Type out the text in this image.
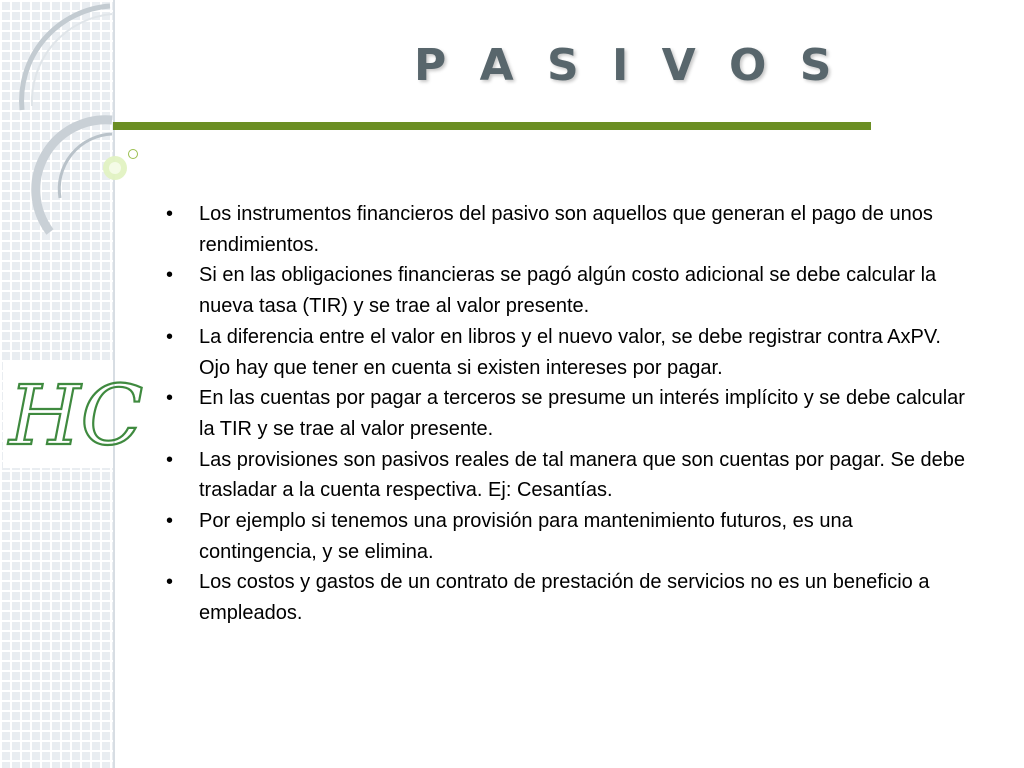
HC
P A S I V O S
• Los instrumentos financieros del pasivo son aquellos que generan el pago de unos rendimientos.
• Si en las obligaciones financieras se pagó algún costo adicional se debe calcular la nueva tasa (TIR) y se trae al valor presente.
• La diferencia entre el valor en libros y el nuevo valor, se debe registrar contra AxPV. Ojo hay que tener en cuenta si existen intereses por pagar.
• En las cuentas por pagar a terceros se presume un interés implícito y se debe calcular la TIR y se trae al valor presente.
• Las provisiones son pasivos reales de tal manera que son cuentas por pagar. Se debe trasladar a la cuenta respectiva. Ej: Cesantías.
• Por ejemplo si tenemos una provisión para mantenimiento futuros, es una contingencia, y se elimina.
• Los costos y gastos de un contrato de prestación de servicios no es un beneficio a empleados.
